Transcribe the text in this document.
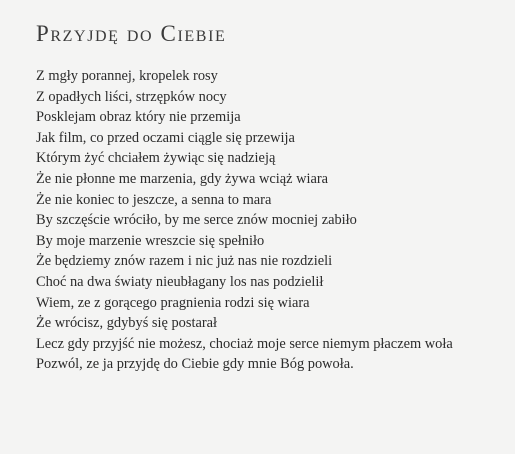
Przyjdę do Ciebie
Z mgły porannej, kropelek rosy
Z opadłych liści, strzępków nocy
Posklejam obraz który nie przemija
Jak film, co przed oczami ciągle się przewija
Którym żyć chciałem żywiąc się nadzieją
Że nie płonne me marzenia, gdy żywa wciąż wiara
Że nie koniec to jeszcze, a senna to mara
By szczęście wróciło, by me serce znów mocniej zabiło
By moje marzenie wreszcie się spełniło
Że będziemy znów razem i nic już nas nie rozdzieli
Choć na dwa światy nieubłagany los nas podzielił
Wiem, ze z gorącego pragnienia rodzi się wiara
Że wrócisz, gdybyś się postarał
Lecz gdy przyjść nie możesz, chociaż moje serce niemym płaczem woła
Pozwól, ze ja przyjdę do Ciebie gdy mnie Bóg powoła.
